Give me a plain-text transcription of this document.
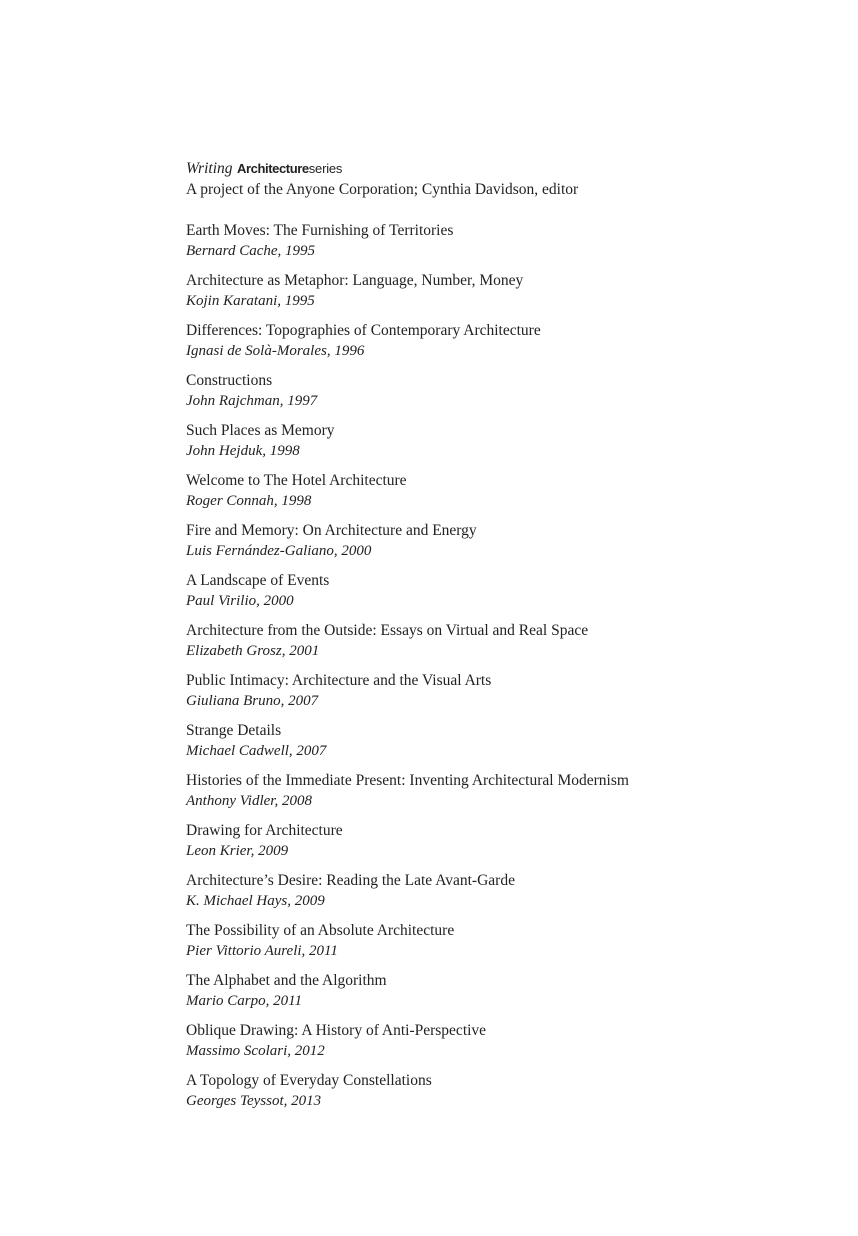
Writing Architectureseries
A project of the Anyone Corporation; Cynthia Davidson, editor
Earth Moves: The Furnishing of Territories
Bernard Cache, 1995
Architecture as Metaphor: Language, Number, Money
Kojin Karatani, 1995
Differences: Topographies of Contemporary Architecture
Ignasi de Solà-Morales, 1996
Constructions
John Rajchman, 1997
Such Places as Memory
John Hejduk, 1998
Welcome to The Hotel Architecture
Roger Connah, 1998
Fire and Memory: On Architecture and Energy
Luis Fernández-Galiano, 2000
A Landscape of Events
Paul Virilio, 2000
Architecture from the Outside: Essays on Virtual and Real Space
Elizabeth Grosz, 2001
Public Intimacy: Architecture and the Visual Arts
Giuliana Bruno, 2007
Strange Details
Michael Cadwell, 2007
Histories of the Immediate Present: Inventing Architectural Modernism
Anthony Vidler, 2008
Drawing for Architecture
Leon Krier, 2009
Architecture’s Desire: Reading the Late Avant-Garde
K. Michael Hays, 2009
The Possibility of an Absolute Architecture
Pier Vittorio Aureli, 2011
The Alphabet and the Algorithm
Mario Carpo, 2011
Oblique Drawing: A History of Anti-Perspective
Massimo Scolari, 2012
A Topology of Everyday Constellations
Georges Teyssot, 2013
